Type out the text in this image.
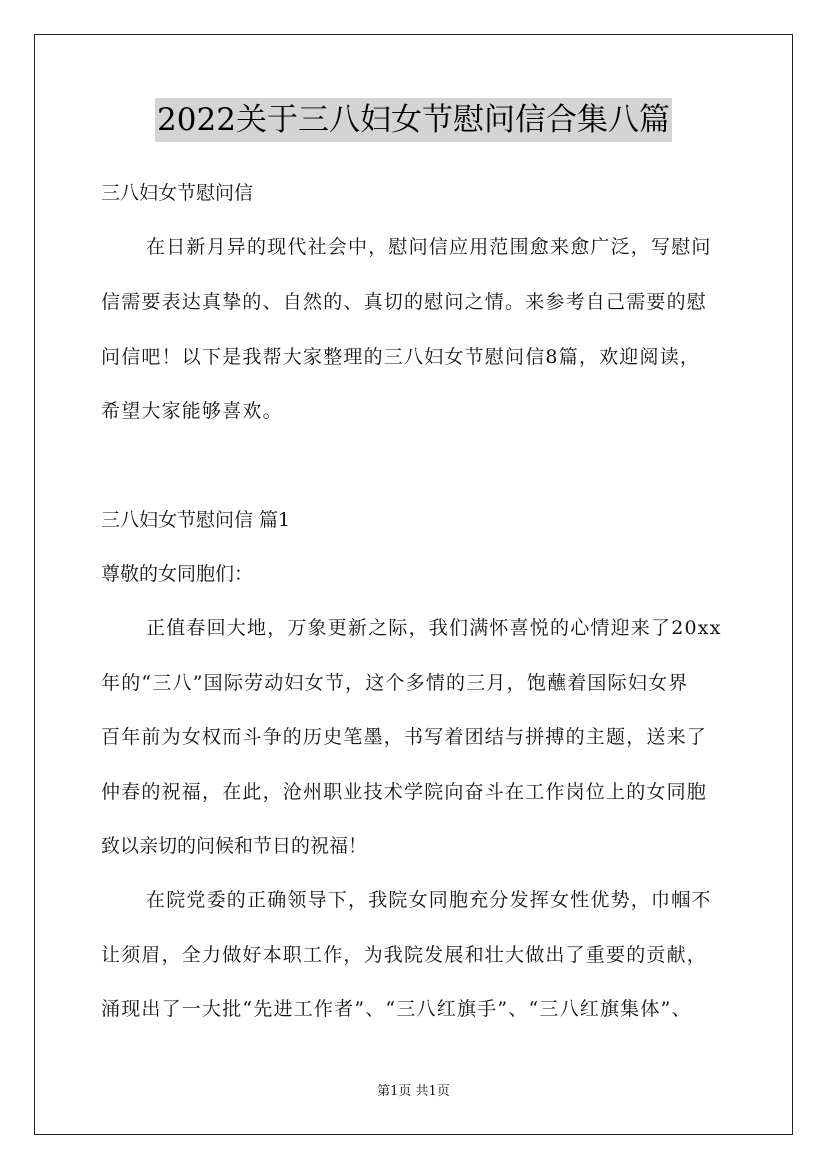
2022关于三八妇女节慰问信合集八篇
三八妇女节慰问信
在日新月异的现代社会中，慰问信应用范围愈来愈广泛，写慰问
信需要表达真挚的、自然的、真切的慰问之情。来参考自己需要的慰
问信吧！以下是我帮大家整理的三八妇女节慰问信8篇，欢迎阅读，
希望大家能够喜欢。
三八妇女节慰问信 篇1
尊敬的女同胞们：
正值春回大地，万象更新之际，我们满怀喜悦的心情迎来了20xx
年的“三八”国际劳动妇女节，这个多情的三月，饱蘸着国际妇女界
百年前为女权而斗争的历史笔墨，书写着团结与拼搏的主题，送来了
仲春的祝福，在此，沧州职业技术学院向奋斗在工作岗位上的女同胞
致以亲切的问候和节日的祝福！
在院党委的正确领导下，我院女同胞充分发挥女性优势，巾帼不
让须眉，全力做好本职工作，为我院发展和壮大做出了重要的贡献，
涌现出了一大批“先进工作者”、“三八红旗手”、“三八红旗集体”、
第1页 共1页
